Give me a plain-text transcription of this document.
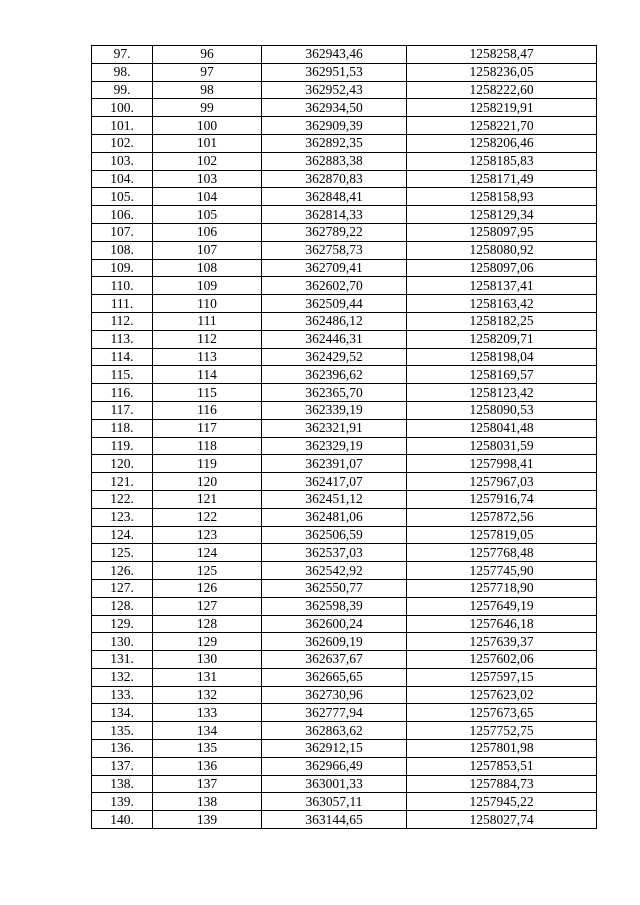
97.	96	362943,46	1258258,47
98.	97	362951,53	1258236,05
99.	98	362952,43	1258222,60
100.	99	362934,50	1258219,91
101.	100	362909,39	1258221,70
102.	101	362892,35	1258206,46
103.	102	362883,38	1258185,83
104.	103	362870,83	1258171,49
105.	104	362848,41	1258158,93
106.	105	362814,33	1258129,34
107.	106	362789,22	1258097,95
108.	107	362758,73	1258080,92
109.	108	362709,41	1258097,06
110.	109	362602,70	1258137,41
111.	110	362509,44	1258163,42
112.	111	362486,12	1258182,25
113.	112	362446,31	1258209,71
114.	113	362429,52	1258198,04
115.	114	362396,62	1258169,57
116.	115	362365,70	1258123,42
117.	116	362339,19	1258090,53
118.	117	362321,91	1258041,48
119.	118	362329,19	1258031,59
120.	119	362391,07	1257998,41
121.	120	362417,07	1257967,03
122.	121	362451,12	1257916,74
123.	122	362481,06	1257872,56
124.	123	362506,59	1257819,05
125.	124	362537,03	1257768,48
126.	125	362542,92	1257745,90
127.	126	362550,77	1257718,90
128.	127	362598,39	1257649,19
129.	128	362600,24	1257646,18
130.	129	362609,19	1257639,37
131.	130	362637,67	1257602,06
132.	131	362665,65	1257597,15
133.	132	362730,96	1257623,02
134.	133	362777,94	1257673,65
135.	134	362863,62	1257752,75
136.	135	362912,15	1257801,98
137.	136	362966,49	1257853,51
138.	137	363001,33	1257884,73
139.	138	363057,11	1257945,22
140.	139	363144,65	1258027,74
